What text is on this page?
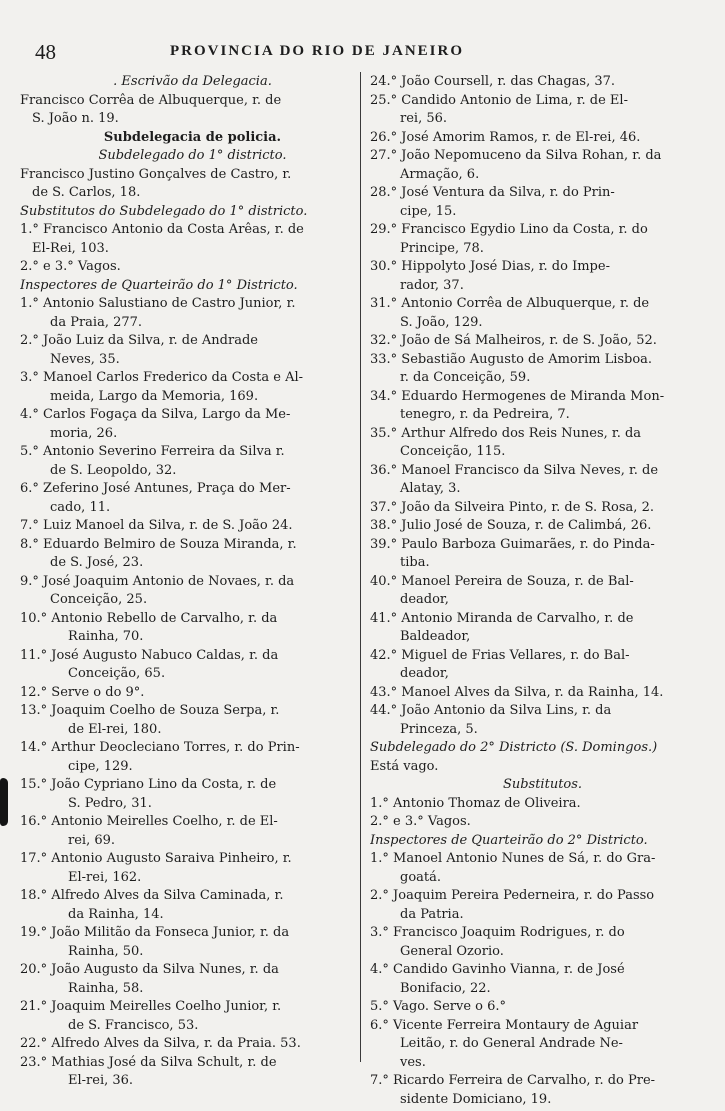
48	PROVINCIA DO RIO DE JANEIRO
. Escrivão da Delegacia.
Francisco Corrêa de Albuquerque, r. de
S. João n. 19.
Subdelegacia de policia.
Subdelegado do 1° districto.
Francisco Justino Gonçalves de Castro, r.
de S. Carlos, 18.
Substitutos do Subdelegado do 1° districto.
1.° Francisco Antonio da Costa Arêas, r. de
El-Rei, 103.
2.° e 3.° Vagos.
Inspectores de Quarteirão do 1° Districto.
1.° Antonio Salustiano de Castro Junior, r.
da Praia, 277.
2.° João Luiz da Silva, r. de Andrade
Neves, 35.
3.° Manoel Carlos Frederico da Costa e Al-
meida, Largo da Memoria, 169.
4.° Carlos Fogaça da Silva, Largo da Me-
moria, 26.
5.° Antonio Severino Ferreira da Silva r.
de S. Leopoldo, 32.
6.° Zeferino José Antunes, Praça do Mer-
cado, 11.
7.° Luiz Manoel da Silva, r. de S. João 24.
8.° Eduardo Belmiro de Souza Miranda, r.
de S. José, 23.
9.° José Joaquim Antonio de Novaes, r. da
Conceição, 25.
10.° Antonio Rebello de Carvalho, r. da
Rainha, 70.
11.° José Augusto Nabuco Caldas, r. da
Conceição, 65.
12.° Serve o do 9°.
13.° Joaquim Coelho de Souza Serpa, r.
de El-rei, 180.
14.° Arthur Deocleciano Torres, r. do Prin-
cipe, 129.
15.° João Cypriano Lino da Costa, r. de
S. Pedro, 31.
16.° Antonio Meirelles Coelho, r. de El-
rei, 69.
17.° Antonio Augusto Saraiva Pinheiro, r.
El-rei, 162.
18.° Alfredo Alves da Silva Caminada, r.
da Rainha, 14.
19.° João Militão da Fonseca Junior, r. da
Rainha, 50.
20.° João Augusto da Silva Nunes, r. da
Rainha, 58.
21.° Joaquim Meirelles Coelho Junior, r.
de S. Francisco, 53.
22.° Alfredo Alves da Silva, r. da Praia. 53.
23.° Mathias José da Silva Schult, r. de
El-rei, 36.
24.° João Coursell, r. das Chagas, 37.
25.° Candido Antonio de Lima, r. de El-
rei, 56.
26.° José Amorim Ramos, r. de El-rei, 46.
27.° João Nepomuceno da Silva Rohan, r. da
Armação, 6.
28.° José Ventura da Silva, r. do Prin-
cipe, 15.
29.° Francisco Egydio Lino da Costa, r. do
Principe, 78.
30.° Hippolyto José Dias, r. do Impe-
rador, 37.
31.° Antonio Corrêa de Albuquerque, r. de
S. João, 129.
32.° João de Sá Malheiros, r. de S. João, 52.
33.° Sebastião Augusto de Amorim Lisboa.
r. da Conceição, 59.
34.° Eduardo Hermogenes de Miranda Mon-
tenegro, r. da Pedreira, 7.
35.° Arthur Alfredo dos Reis Nunes, r. da
Conceição, 115.
36.° Manoel Francisco da Silva Neves, r. de
Alatay, 3.
37.° João da Silveira Pinto, r. de S. Rosa, 2.
38.° Julio José de Souza, r. de Calimbá, 26.
39.° Paulo Barboza Guimarães, r. do Pinda-
tiba.
40.° Manoel Pereira de Souza, r. de Bal-
deador,
41.° Antonio Miranda de Carvalho, r. de
Baldeador,
42.° Miguel de Frias Vellares, r. do Bal-
deador,
43.° Manoel Alves da Silva, r. da Rainha, 14.
44.° João Antonio da Silva Lins, r. da
Princeza, 5.
Subdelegado do 2° Districto (S. Domingos.)
Está vago.
Substitutos.
1.° Antonio Thomaz de Oliveira.
2.° e 3.° Vagos.
Inspectores de Quarteirão do 2° Districto.
1.° Manoel Antonio Nunes de Sá, r. do Gra-
goatá.
2.° Joaquim Pereira Pederneira, r. do Passo
da Patria.
3.° Francisco Joaquim Rodrigues, r. do
General Ozorio.
4.° Candido Gavinho Vianna, r. de José
Bonifacio, 22.
5.° Vago. Serve o 6.°
6.° Vicente Ferreira Montaury de Aguiar
Leitão, r. do General Andrade Ne-
ves.
7.° Ricardo Ferreira de Carvalho, r. do Pre-
sidente Domiciano, 19.
